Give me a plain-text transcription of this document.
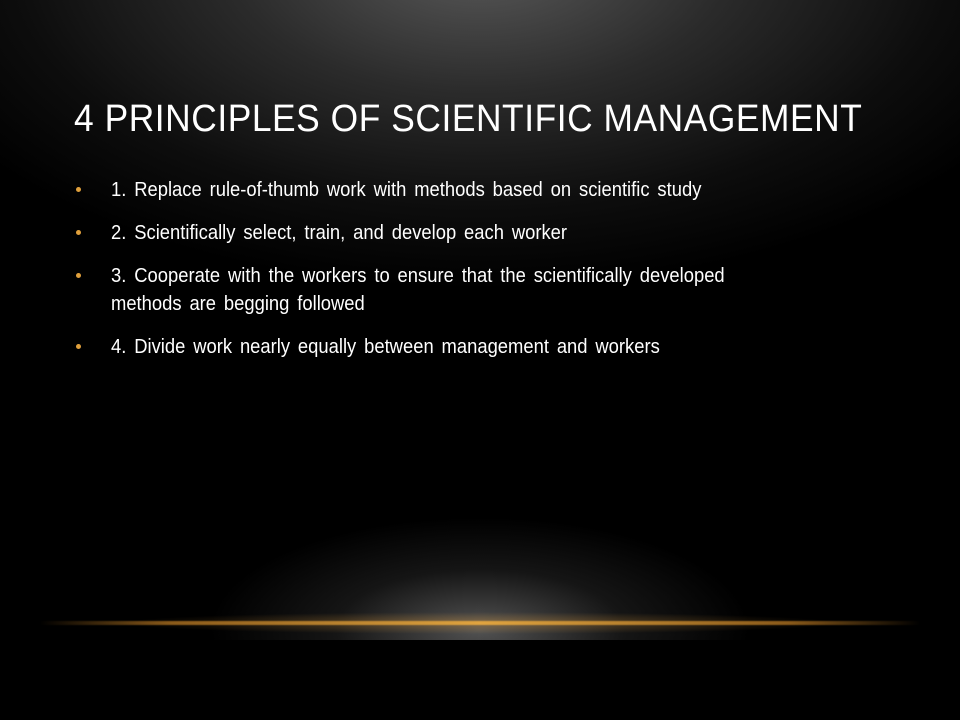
4 PRINCIPLES OF SCIENTIFIC MANAGEMENT
1. Replace rule-of-thumb work with methods based on scientific study
2. Scientifically select, train, and develop each worker
3. Cooperate with the workers to ensure that the scientifically developed methods are begging followed
4. Divide work nearly equally between management and workers
